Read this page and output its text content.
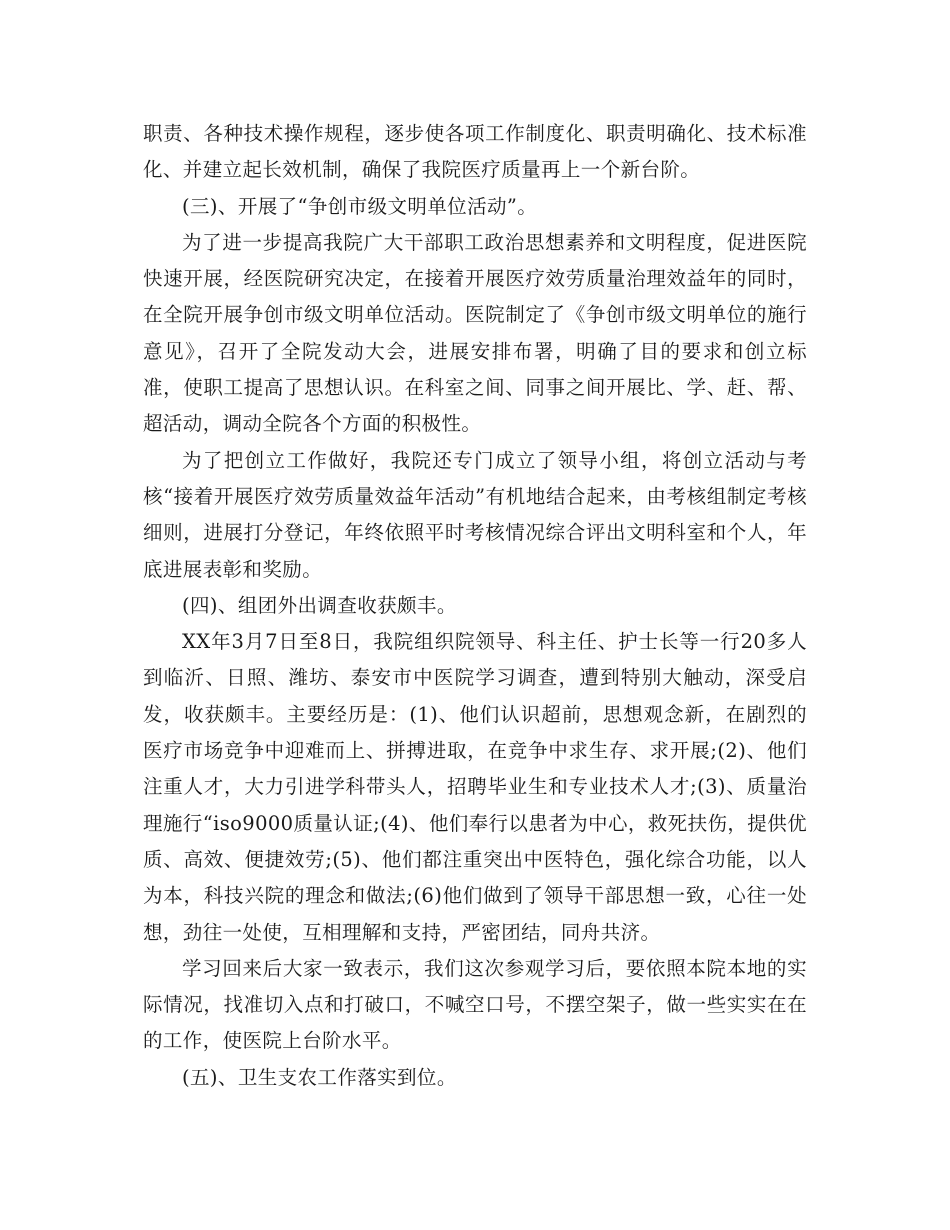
职责、各种技术操作规程，逐步使各项工作制度化、职责明确化、技术标准化、并建立起长效机制，确保了我院医疗质量再上一个新台阶。

(三)、开展了“争创市级文明单位活动”。

为了进一步提高我院广大干部职工政治思想素养和文明程度，促进医院快速开展，经医院研究决定，在接着开展医疗效劳质量治理效益年的同时，在全院开展争创市级文明单位活动。医院制定了《争创市级文明单位的施行意见》，召开了全院发动大会，进展安排布署，明确了目的要求和创立标准，使职工提高了思想认识。在科室之间、同事之间开展比、学、赶、帮、超活动，调动全院各个方面的积极性。

为了把创立工作做好，我院还专门成立了领导小组，将创立活动与考核“接着开展医疗效劳质量效益年活动”有机地结合起来，由考核组制定考核细则，进展打分登记，年终依照平时考核情况综合评出文明科室和个人，年底进展表彰和奖励。

(四)、组团外出调查收获颇丰。

XX年3月7日至8日，我院组织院领导、科主任、护士长等一行20多人到临沂、日照、潍坊、泰安市中医院学习调查，遭到特别大触动，深受启发，收获颇丰。主要经历是：(1)、他们认识超前，思想观念新，在剧烈的医疗市场竞争中迎难而上、拼搏进取，在竞争中求生存、求开展;(2)、他们注重人才，大力引进学科带头人，招聘毕业生和专业技术人才;(3)、质量治理施行“iso9000质量认证;(4)、他们奉行以患者为中心，救死扶伤，提供优质、高效、便捷效劳;(5)、他们都注重突出中医特色，强化综合功能，以人为本，科技兴院的理念和做法;(6)他们做到了领导干部思想一致，心往一处想，劲往一处使，互相理解和支持，严密团结，同舟共济。

学习回来后大家一致表示，我们这次参观学习后，要依照本院本地的实际情况，找准切入点和打破口，不喊空口号，不摆空架子，做一些实实在在的工作，使医院上台阶水平。

(五)、卫生支农工作落实到位。
